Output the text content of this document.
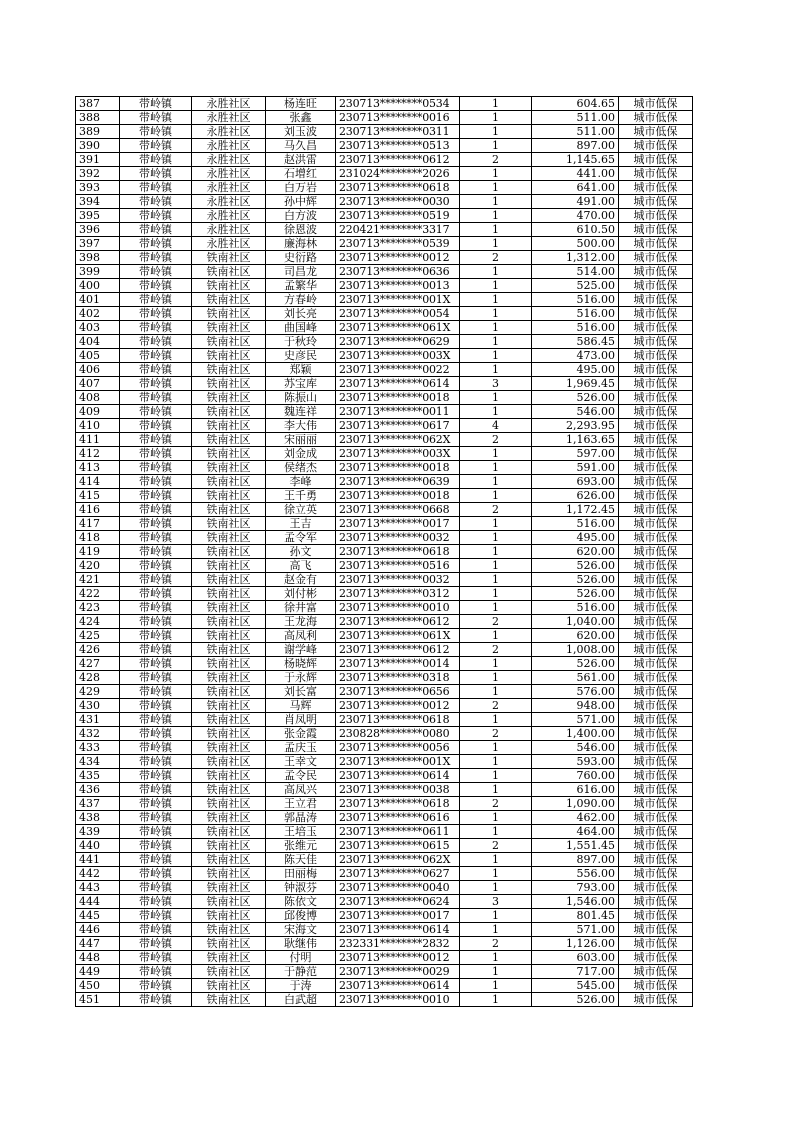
387	带岭镇	永胜社区	杨连旺	230713********0534	1	604.65	城市低保
388	带岭镇	永胜社区	张鑫	230713********0016	1	511.00	城市低保
389	带岭镇	永胜社区	刘玉波	230713********0311	1	511.00	城市低保
390	带岭镇	永胜社区	马久昌	230713********0513	1	897.00	城市低保
391	带岭镇	永胜社区	赵洪雷	230713********0612	2	1,145.65	城市低保
392	带岭镇	永胜社区	石增红	231024********2026	1	441.00	城市低保
393	带岭镇	永胜社区	白万岩	230713********0618	1	641.00	城市低保
394	带岭镇	永胜社区	孙中辉	230713********0030	1	491.00	城市低保
395	带岭镇	永胜社区	白方波	230713********0519	1	470.00	城市低保
396	带岭镇	永胜社区	徐恩波	220421********3317	1	610.50	城市低保
397	带岭镇	永胜社区	廉海林	230713********0539	1	500.00	城市低保
398	带岭镇	铁南社区	史衍路	230713********0012	2	1,312.00	城市低保
399	带岭镇	铁南社区	司昌龙	230713********0636	1	514.00	城市低保
400	带岭镇	铁南社区	孟繁华	230713********0013	1	525.00	城市低保
401	带岭镇	铁南社区	方春岭	230713********001X	1	516.00	城市低保
402	带岭镇	铁南社区	刘长亮	230713********0054	1	516.00	城市低保
403	带岭镇	铁南社区	曲国峰	230713********061X	1	516.00	城市低保
404	带岭镇	铁南社区	于秋玲	230713********0629	1	586.45	城市低保
405	带岭镇	铁南社区	史彦民	230713********003X	1	473.00	城市低保
406	带岭镇	铁南社区	郑颖	230713********0022	1	495.00	城市低保
407	带岭镇	铁南社区	苏宝库	230713********0614	3	1,969.45	城市低保
408	带岭镇	铁南社区	陈振山	230713********0018	1	526.00	城市低保
409	带岭镇	铁南社区	魏连祥	230713********0011	1	546.00	城市低保
410	带岭镇	铁南社区	李大伟	230713********0617	4	2,293.95	城市低保
411	带岭镇	铁南社区	宋丽丽	230713********062X	2	1,163.65	城市低保
412	带岭镇	铁南社区	刘金成	230713********003X	1	597.00	城市低保
413	带岭镇	铁南社区	侯绪杰	230713********0018	1	591.00	城市低保
414	带岭镇	铁南社区	李峰	230713********0639	1	693.00	城市低保
415	带岭镇	铁南社区	王千勇	230713********0018	1	626.00	城市低保
416	带岭镇	铁南社区	徐立英	230713********0668	2	1,172.45	城市低保
417	带岭镇	铁南社区	王吉	230713********0017	1	516.00	城市低保
418	带岭镇	铁南社区	孟令军	230713********0032	1	495.00	城市低保
419	带岭镇	铁南社区	孙文	230713********0618	1	620.00	城市低保
420	带岭镇	铁南社区	高飞	230713********0516	1	526.00	城市低保
421	带岭镇	铁南社区	赵金有	230713********0032	1	526.00	城市低保
422	带岭镇	铁南社区	刘付彬	230713********0312	1	526.00	城市低保
423	带岭镇	铁南社区	徐井富	230713********0010	1	516.00	城市低保
424	带岭镇	铁南社区	王龙海	230713********0612	2	1,040.00	城市低保
425	带岭镇	铁南社区	高凤利	230713********061X	1	620.00	城市低保
426	带岭镇	铁南社区	谢学峰	230713********0612	2	1,008.00	城市低保
427	带岭镇	铁南社区	杨晓辉	230713********0014	1	526.00	城市低保
428	带岭镇	铁南社区	于永辉	230713********0318	1	561.00	城市低保
429	带岭镇	铁南社区	刘长富	230713********0656	1	576.00	城市低保
430	带岭镇	铁南社区	马辉	230713********0012	2	948.00	城市低保
431	带岭镇	铁南社区	肖凤明	230713********0618	1	571.00	城市低保
432	带岭镇	铁南社区	张金霞	230828********0080	2	1,400.00	城市低保
433	带岭镇	铁南社区	孟庆玉	230713********0056	1	546.00	城市低保
434	带岭镇	铁南社区	王幸文	230713********001X	1	593.00	城市低保
435	带岭镇	铁南社区	孟令民	230713********0614	1	760.00	城市低保
436	带岭镇	铁南社区	高凤兴	230713********0038	1	616.00	城市低保
437	带岭镇	铁南社区	王立君	230713********0618	2	1,090.00	城市低保
438	带岭镇	铁南社区	郭晶涛	230713********0616	1	462.00	城市低保
439	带岭镇	铁南社区	王培玉	230713********0611	1	464.00	城市低保
440	带岭镇	铁南社区	张维元	230713********0615	2	1,551.45	城市低保
441	带岭镇	铁南社区	陈天佳	230713********062X	1	897.00	城市低保
442	带岭镇	铁南社区	田丽梅	230713********0627	1	556.00	城市低保
443	带岭镇	铁南社区	钟淑芬	230713********0040	1	793.00	城市低保
444	带岭镇	铁南社区	陈依文	230713********0624	3	1,546.00	城市低保
445	带岭镇	铁南社区	邱俊博	230713********0017	1	801.45	城市低保
446	带岭镇	铁南社区	宋海文	230713********0614	1	571.00	城市低保
447	带岭镇	铁南社区	耿继伟	232331********2832	2	1,126.00	城市低保
448	带岭镇	铁南社区	付明	230713********0012	1	603.00	城市低保
449	带岭镇	铁南社区	于静范	230713********0029	1	717.00	城市低保
450	带岭镇	铁南社区	于涛	230713********0614	1	545.00	城市低保
451	带岭镇	铁南社区	白武超	230713********0010	1	526.00	城市低保
